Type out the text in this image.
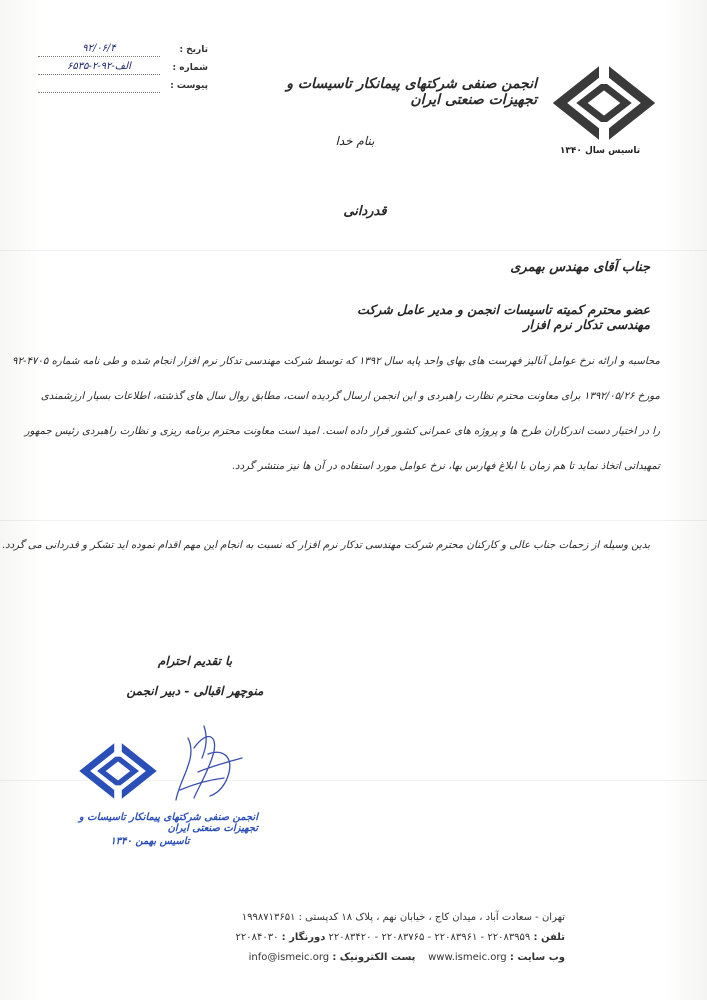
تاریخ :
۹۲/۰۶/۴
شماره :
۶۵۳۵-۲-۹۲-الف
پیوست :
تاسیس سال ۱۳۴۰
انجمن صنفی شرکتهای پیمانکار تاسیسات و تجهیزات صنعتی ایران
بنام خدا
قدردانی
جناب آقای مهندس بهمری
عضو محترم کمیته تاسیسات انجمن و مدیر عامل شرکت مهندسی تدکار نرم افزار
محاسبه و ارائه نرخ عوامل آنالیز فهرست های بهای واحد پایه سال ۱۳۹۲ که توسط شرکت مهندسی تدکار نرم افزار انجام شده و طی نامه شماره ۴۷۰۵-۹۲
مورخ ۱۳۹۲/۰۵/۲۶ برای معاونت محترم نظارت راهبردی و این انجمن ارسال گردیده است، مطابق روال سال های گذشته، اطلاعات بسیار ارزشمندی
را در اختیار دست اندرکاران طرح ها و پروژه های عمرانی کشور قرار داده است. امید است معاونت محترم برنامه ریزی و نظارت راهبردی رئیس جمهور
تمهیداتی اتخاذ نماید تا هم زمان با ابلاغ فهارس بها، نرخ عوامل مورد استفاده در آن ها نیز منتشر گردد.
بدین وسیله از زحمات جناب عالی و کارکنان محترم شرکت مهندسی تدکار نرم افزار که نسبت به انجام این مهم اقدام نموده اید تشکر و قدردانی می گردد.
با تقدیم احترام
منوچهر اقبالی - دبیر انجمن
انجمن صنفی شرکتهای پیمانکار تاسیسات و تجهیزات صنعتی ایران
تاسیس بهمن ۱۳۴۰
تهران - سعادت آباد ، میدان کاج ، خیابان نهم ، پلاک ۱۸ کدپستی : ۱۹۹۸۷۱۳۶۵۱
تلفن : ۲۲۰۸۳۹۵۹ - ۲۲۰۸۳۹۶۱ - ۲۲۰۸۳۷۶۵ - ۲۲۰۸۳۴۲۰ دورنگار : ۲۲۰۸۴۰۳۰
وب سایت : www.ismeic.org    پست الکترونیک : info@ismeic.org
